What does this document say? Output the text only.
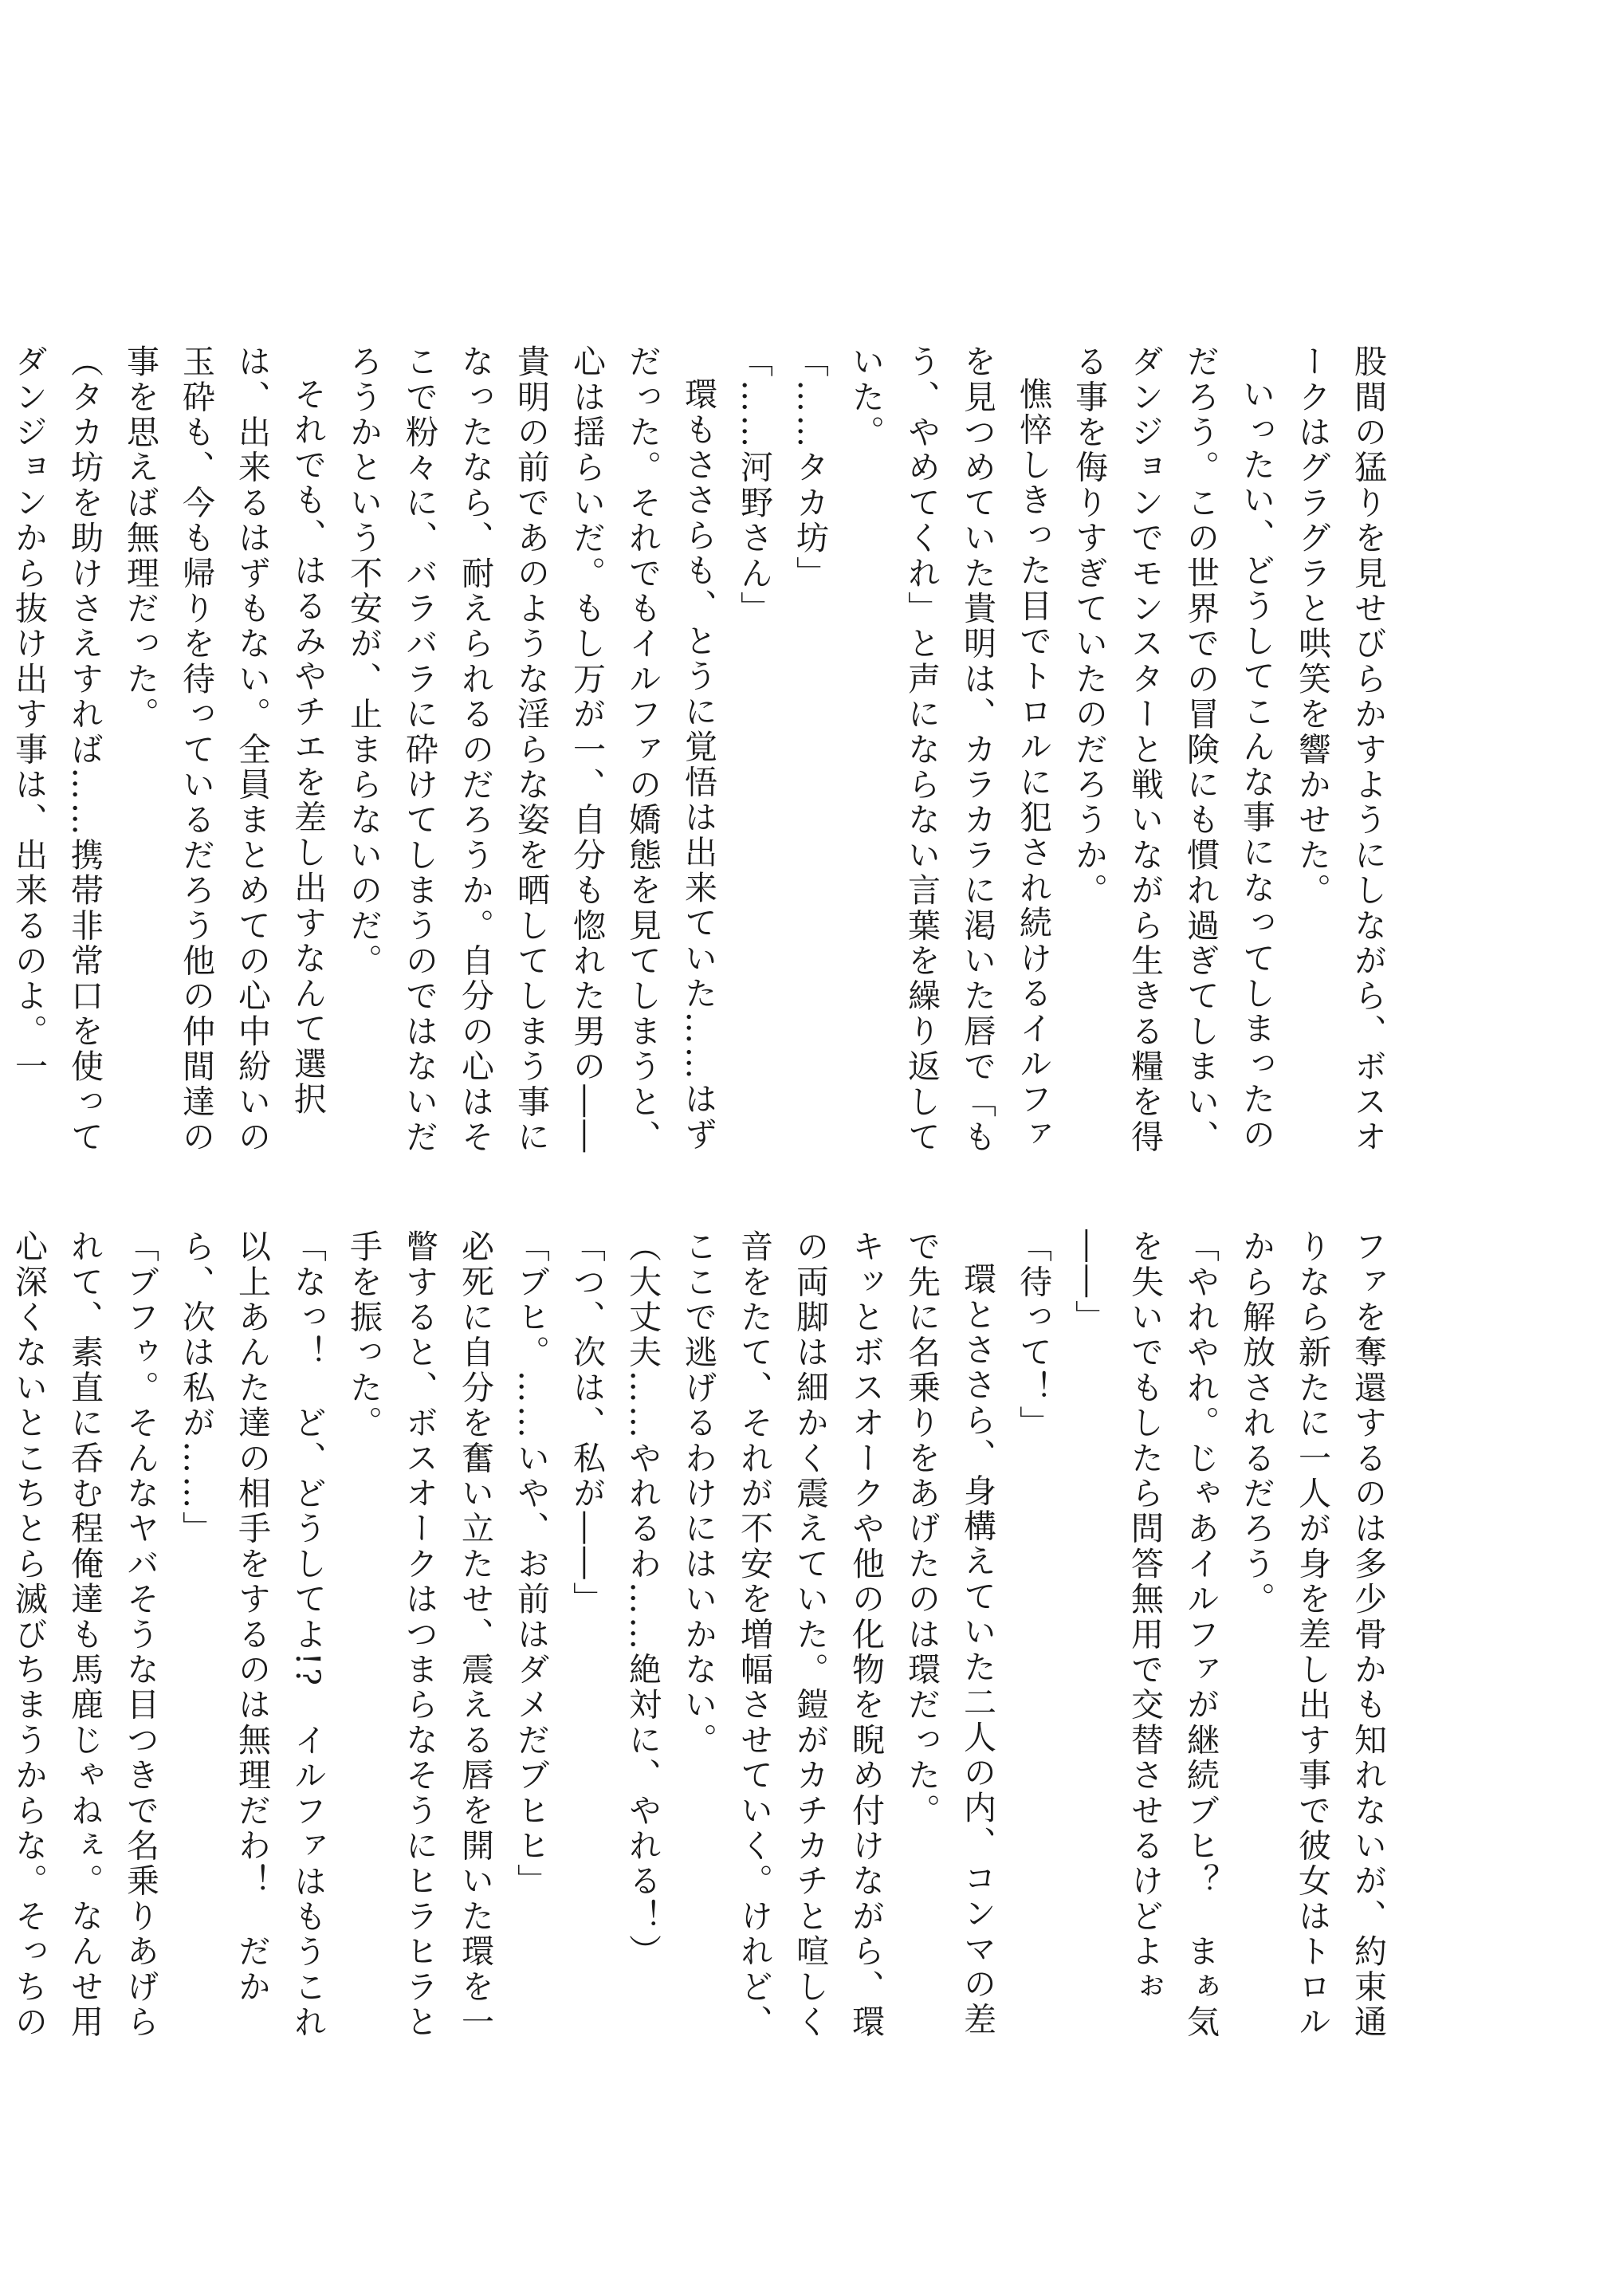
股間の猛りを見せびらかすようにしながら、ボスオークはグラグラと哄笑を響かせた。

いったい、どうしてこんな事になってしまったのだろう。この世界での冒険にも慣れ過ぎてしまい、ダンジョンでモンスターと戦いながら生きる糧を得る事を侮りすぎていたのだろうか。

憔悴しきった目でトロルに犯され続けるイルファを見つめていた貴明は、カラカラに渇いた唇で「もう、やめてくれ」と声にならない言葉を繰り返していた。

「……タカ坊」

「……河野さん」

環もささらも、とうに覚悟は出来ていた……はずだった。それでもイルファの嬌態を見てしまうと、心は揺らいだ。もし万が一、自分も惚れた男の――貴明の前であのような淫らな姿を晒してしまう事になったなら、耐えられるのだろうか。自分の心はそこで粉々に、バラバラに砕けてしまうのではないだろうかという不安が、止まらないのだ。

それでも、はるみやチエを差し出すなんて選択は、出来るはずもない。全員まとめての心中紛いの玉砕も、今も帰りを待っているだろう他の仲間達の事を思えば無理だった。

（タカ坊を助けさえすれば……携帯非常口を使ってダンジョンから抜け出す事は、出来るのよ。一

ファを奪還するのは多少骨かも知れないが、約束通りなら新たに一人が身を差し出す事で彼女はトロルから解放されるだろう。

「やれやれ。じゃあイルファが継続ブヒ？　まぁ気を失いでもしたら問答無用で交替させるけどよぉ――」

「待って！」

環とささら、身構えていた二人の内、コンマの差で先に名乗りをあげたのは環だった。

キッとボスオークや他の化物を睨め付けながら、環の両脚は細かく震えていた。鎧がカチカチと喧しく音をたて、それが不安を増幅させていく。けれど、ここで逃げるわけにはいかない。

（大丈夫……やれるわ……絶対に、やれる！）

「つ、次は、私が――」

「ブヒ。……いや、お前はダメだブヒヒ」

必死に自分を奮い立たせ、震える唇を開いた環を一瞥すると、ボスオークはつまらなそうにヒラヒラと手を振った。

「なっ！　ど、どうしてよ!?　イルファはもうこれ以上あんた達の相手をするのは無理だわ！　だから、次は私が……」

「ブフゥ。そんなヤバそうな目つきで名乗りあげられて、素直に呑む程俺達も馬鹿じゃねぇ。なんせ用心深くないとこちとら滅びちまうからな。そっちの
